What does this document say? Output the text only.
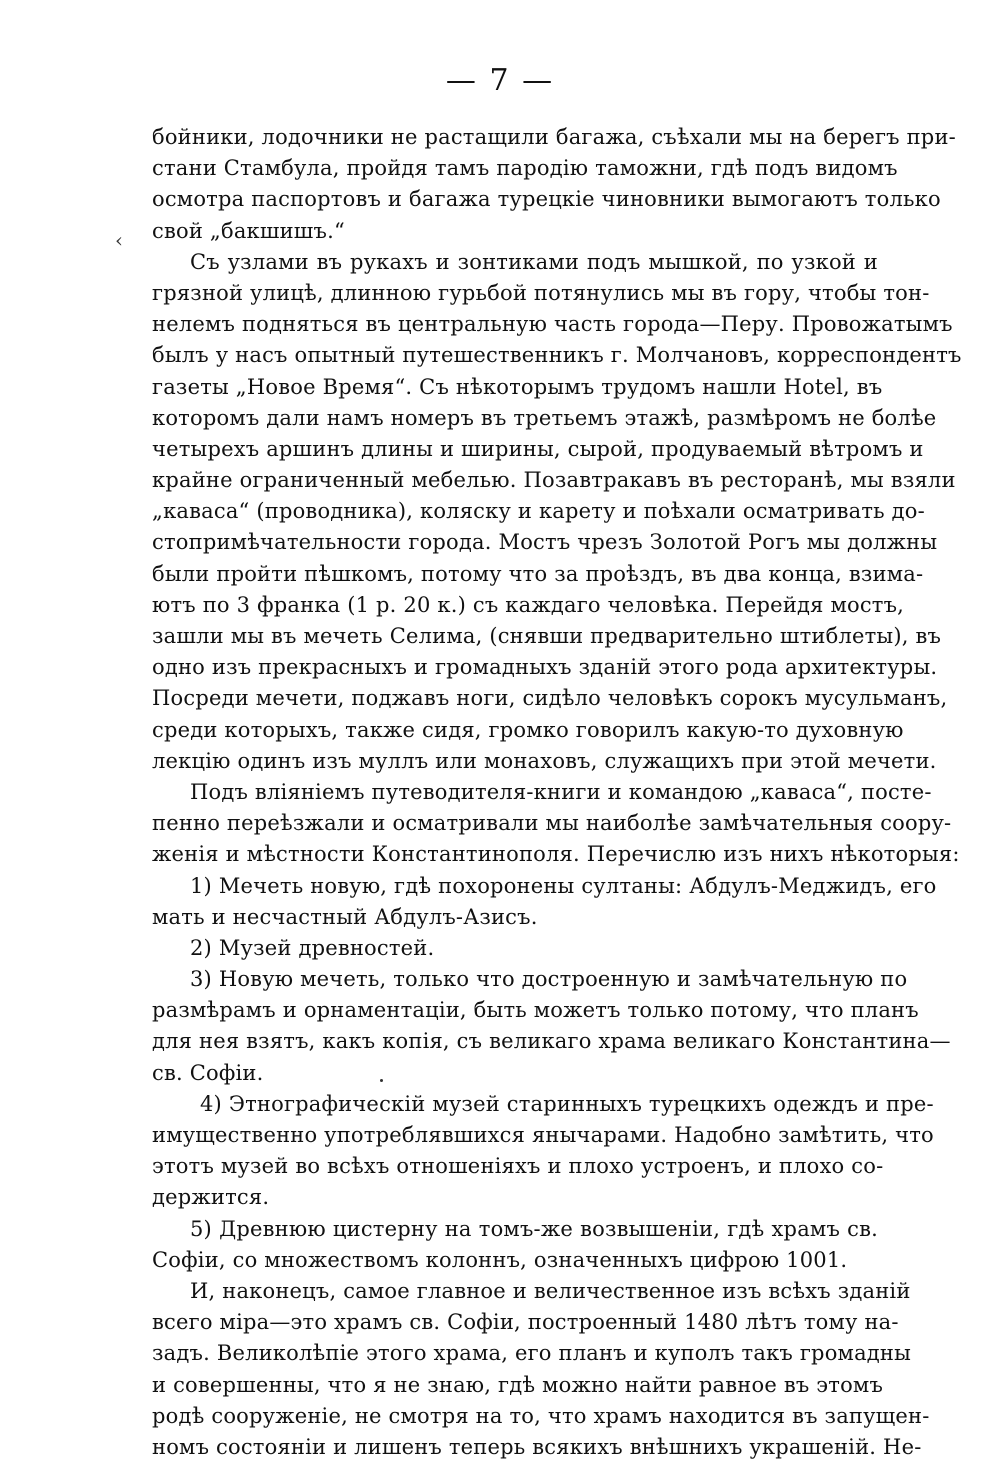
— 7 —
‹
бойники, лодочники не растащили багажа, съѣхали мы на берегъ при-
стани Стамбула, пройдя тамъ пародію таможни, гдѣ подъ видомъ
осмотра паспортовъ и багажа турецкіе чиновники вымогаютъ только
свой „бакшишъ.“
Съ узлами въ рукахъ и зонтиками подъ мышкой, по узкой и
грязной улицѣ, длинною гурьбой потянулись мы въ гору, чтобы тон-
нелемъ подняться въ центральную часть города—Перу. Провожатымъ
былъ у насъ опытный путешественникъ г. Молчановъ, корреспондентъ
газеты „Новое Время“. Съ нѣкоторымъ трудомъ нашли Hotel, въ
которомъ дали намъ номеръ въ третьемъ этажѣ, размѣромъ не болѣе
четырехъ аршинъ длины и ширины, сырой, продуваемый вѣтромъ и
крайне ограниченный мебелью. Позавтракавъ въ ресторанѣ, мы взяли
„каваса“ (проводника), коляску и карету и поѣхали осматривать до-
стопримѣчательности города. Мостъ чрезъ Золотой Рогъ мы должны
были пройти пѣшкомъ, потому что за проѣздъ, въ два конца, взима-
ютъ по 3 франка (1 р. 20 к.) съ каждаго человѣка. Перейдя мостъ,
зашли мы въ мечеть Селима, (снявши предварительно штиблеты), въ
одно изъ прекрасныхъ и громадныхъ зданій этого рода архитектуры.
Посреди мечети, поджавъ ноги, сидѣло человѣкъ сорокъ мусульманъ,
среди которыхъ, также сидя, громко говорилъ какую-то духовную
лекцію одинъ изъ муллъ или монаховъ, служащихъ при этой мечети.
Подъ вліяніемъ путеводителя-книги и командою „каваса“, посте-
пенно переѣзжали и осматривали мы наиболѣе замѣчательныя соору-
женія и мѣстности Константинополя. Перечислю изъ нихъ нѣкоторыя:
1) Мечеть новую, гдѣ похоронены султаны: Абдулъ-Меджидъ, его
мать и несчастный Абдулъ-Азисъ.
2) Музей древностей.
3) Новую мечеть, только что достроенную и замѣчательную по
размѣрамъ и орнаментаціи, быть можетъ только потому, что планъ
для нея взятъ, какъ копія, съ великаго храма великаго Константина—
св. Софіи.
4) Этнографическій музей старинныхъ турецкихъ одеждъ и пре-
имущественно употреблявшихся янычарами. Надобно замѣтить, что
этотъ музей во всѣхъ отношеніяхъ и плохо устроенъ, и плохо со-
держится.
5) Древнюю цистерну на томъ-же возвышеніи, гдѣ храмъ св.
Софіи, со множествомъ колоннъ, означенныхъ цифрою 1001.
И, наконецъ, самое главное и величественное изъ всѣхъ зданій
всего міра—это храмъ св. Софіи, построенный 1480 лѣтъ тому на-
задъ. Великолѣпіе этого храма, его планъ и куполъ такъ громадны
и совершенны, что я не знаю, гдѣ можно найти равное въ этомъ
родѣ сооруженіе, не смотря на то, что храмъ находится въ запущен-
номъ состояніи и лишенъ теперь всякихъ внѣшнихъ украшеній. Не-
